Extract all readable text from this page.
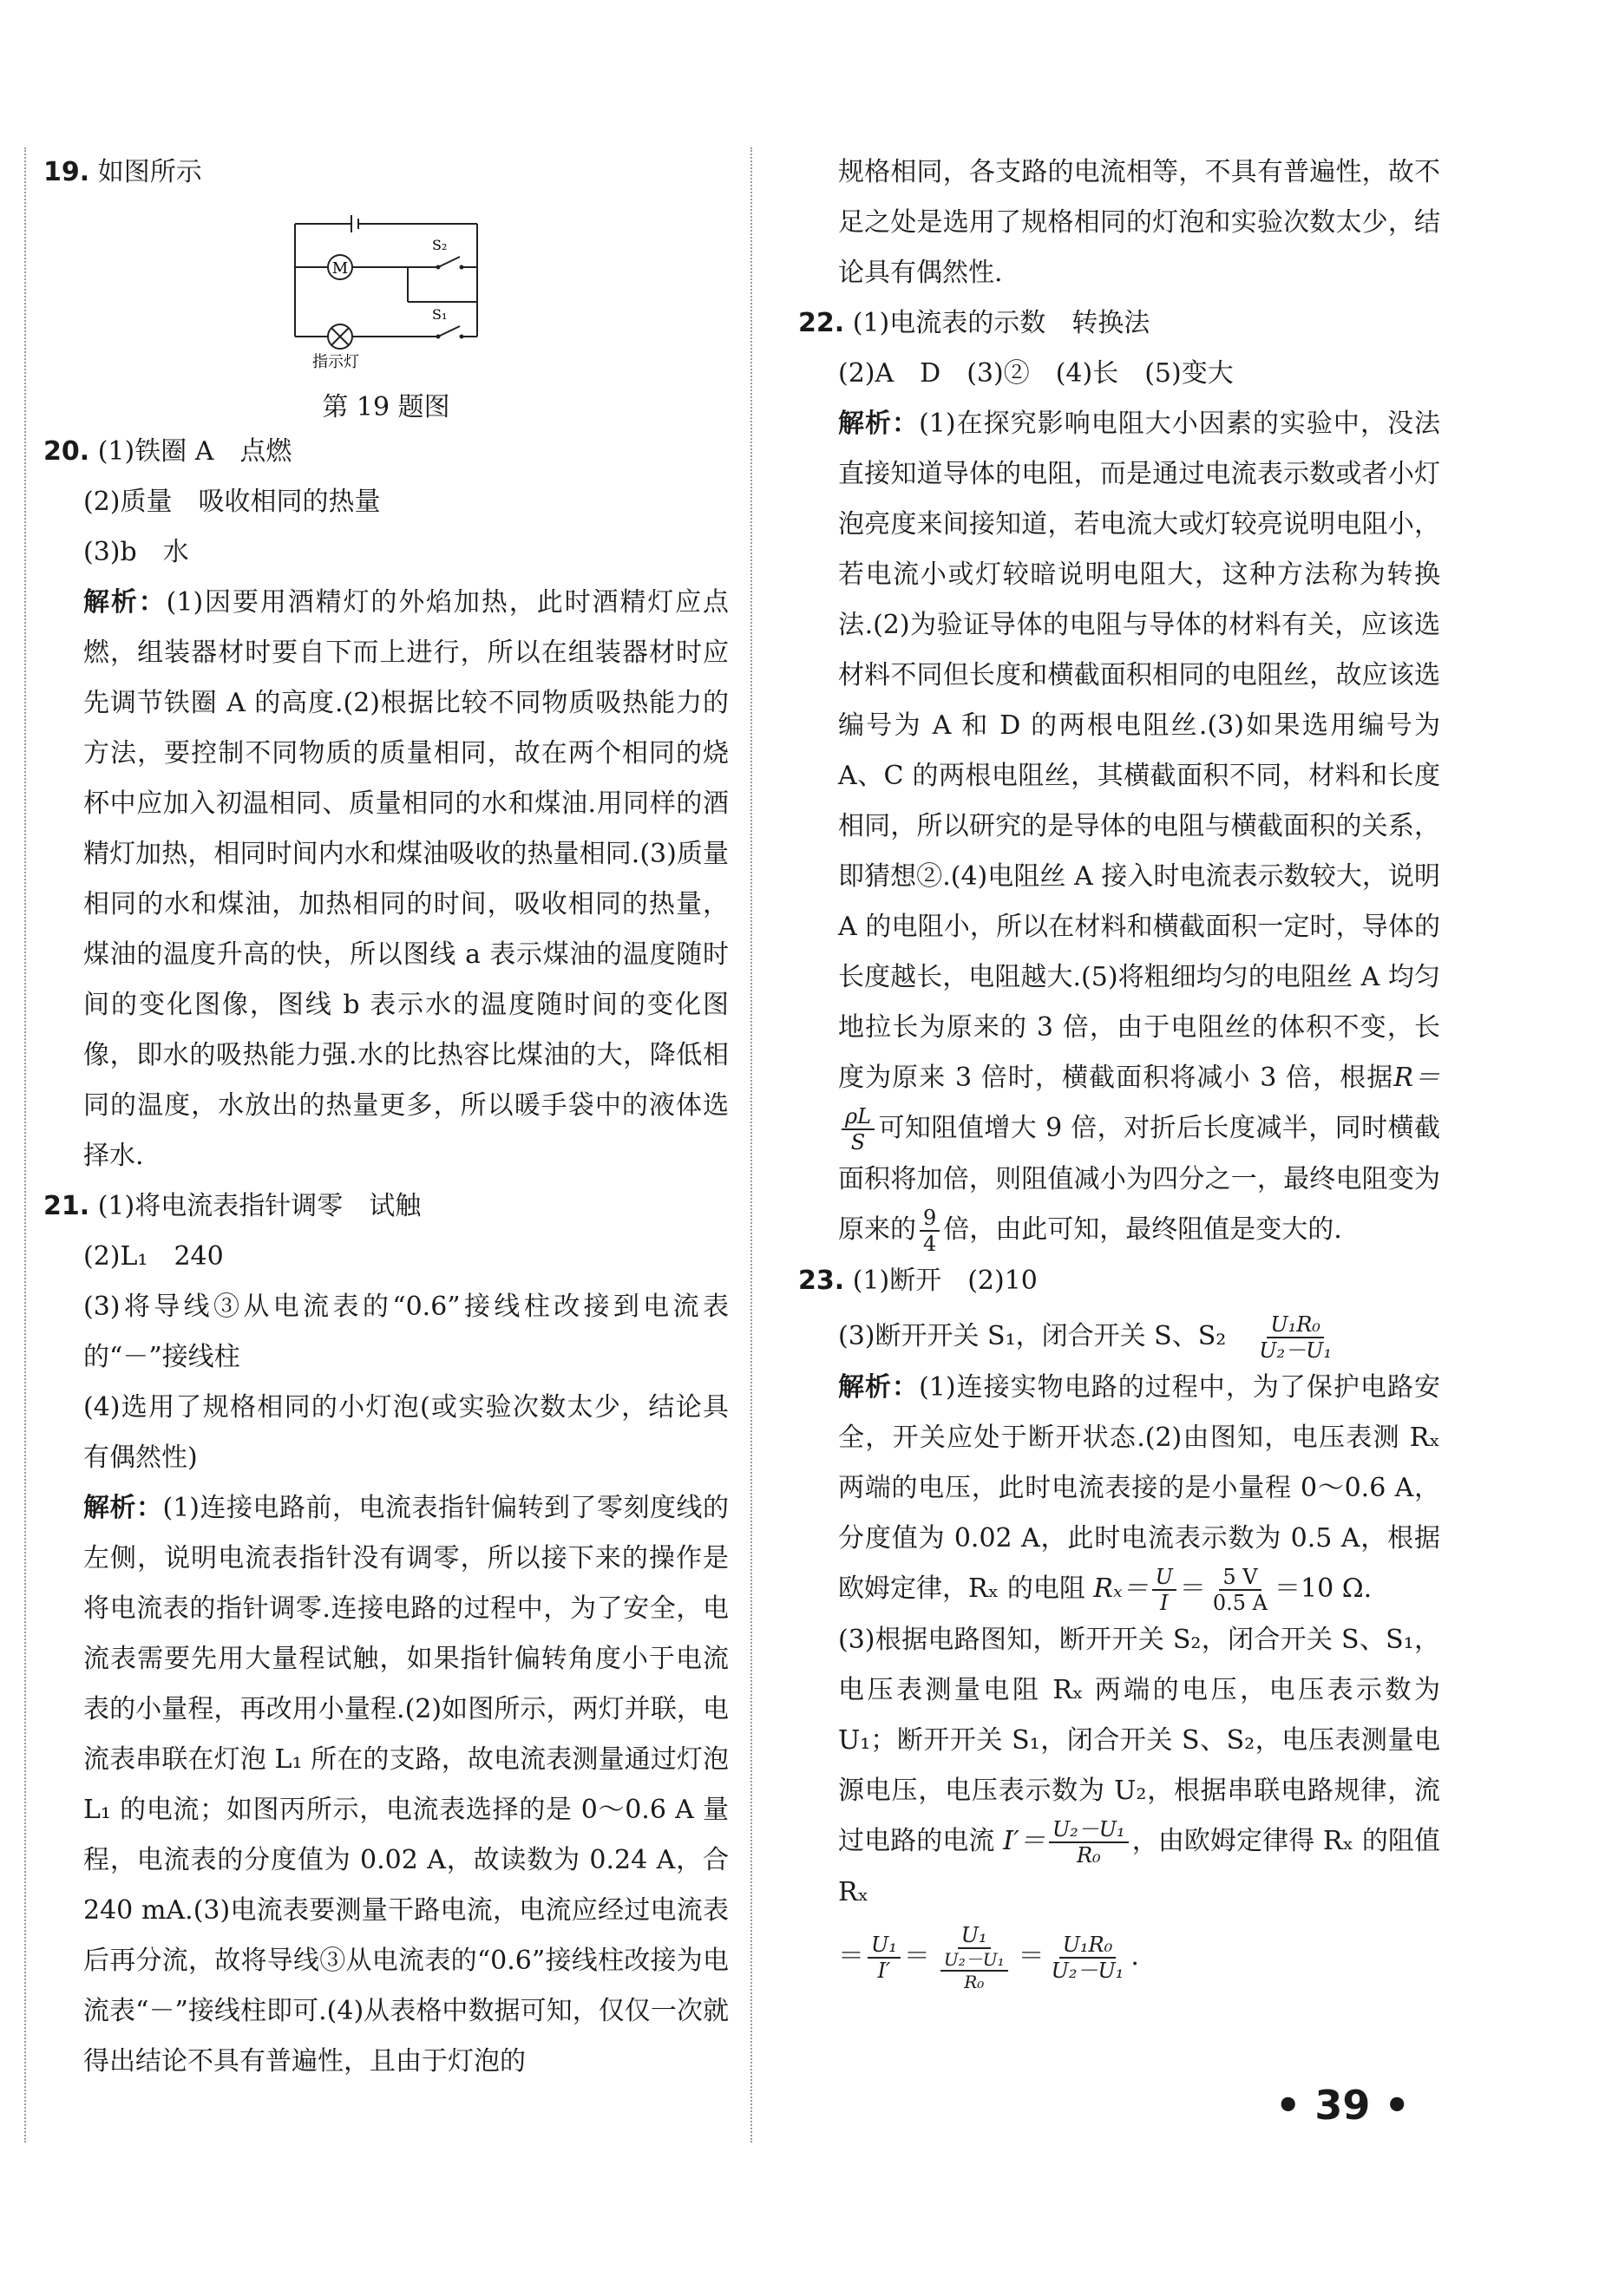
19. 如图所示
M
S₂
S₁
指示灯
第 19 题图
20. (1)铁圈 A　点燃
(2)质量　吸收相同的热量
(3)b　水
解析：(1)因要用酒精灯的外焰加热，此时酒精灯应点燃，组装器材时要自下而上进行，所以在组装器材时应先调节铁圈 A 的高度.(2)根据比较不同物质吸热能力的方法，要控制不同物质的质量相同，故在两个相同的烧杯中应加入初温相同、质量相同的水和煤油.用同样的酒精灯加热，相同时间内水和煤油吸收的热量相同.(3)质量相同的水和煤油，加热相同的时间，吸收相同的热量，煤油的温度升高的快，所以图线 a 表示煤油的温度随时间的变化图像，图线 b 表示水的温度随时间的变化图像，即水的吸热能力强.水的比热容比煤油的大，降低相同的温度，水放出的热量更多，所以暖手袋中的液体选择水.
21. (1)将电流表指针调零　试触
(2)L₁　240
(3)将导线③从电流表的“0.6”接线柱改接到电流表的“－”接线柱
(4)选用了规格相同的小灯泡(或实验次数太少，结论具有偶然性)
解析：(1)连接电路前，电流表指针偏转到了零刻度线的左侧，说明电流表指针没有调零，所以接下来的操作是将电流表的指针调零.连接电路的过程中，为了安全，电流表需要先用大量程试触，如果指针偏转角度小于电流表的小量程，再改用小量程.(2)如图所示，两灯并联，电流表串联在灯泡 L₁ 所在的支路，故电流表测量通过灯泡 L₁ 的电流；如图丙所示，电流表选择的是 0～0.6 A 量程，电流表的分度值为 0.02 A，故读数为 0.24 A，合 240 mA.(3)电流表要测量干路电流，电流应经过电流表后再分流，故将导线③从电流表的“0.6”接线柱改接为电流表“－”接线柱即可.(4)从表格中数据可知，仅仅一次就得出结论不具有普遍性，且由于灯泡的
规格相同，各支路的电流相等，不具有普遍性，故不足之处是选用了规格相同的灯泡和实验次数太少，结论具有偶然性.
22. (1)电流表的示数　转换法
(2)A　D　(3)②　(4)长　(5)变大
解析：(1)在探究影响电阻大小因素的实验中，没法直接知道导体的电阻，而是通过电流表示数或者小灯泡亮度来间接知道，若电流大或灯较亮说明电阻小，若电流小或灯较暗说明电阻大，这种方法称为转换法.(2)为验证导体的电阻与导体的材料有关，应该选材料不同但长度和横截面积相同的电阻丝，故应该选编号为 A 和 D 的两根电阻丝.(3)如果选用编号为 A、C 的两根电阻丝，其横截面积不同，材料和长度相同，所以研究的是导体的电阻与横截面积的关系，即猜想②.(4)电阻丝 A 接入时电流表示数较大，说明 A 的电阻小，所以在材料和横截面积一定时，导体的长度越长，电阻越大.(5)将粗细均匀的电阻丝 A 均匀地拉长为原来的 3 倍，由于电阻丝的体积不变，长度为原来 3 倍时，横截面积将减小 3 倍，根据R＝
$\frac{\rho L}{S}$ 可知阻值增大 9 倍，对折后长度减半，同时横截面积将加倍，则阻值减小为四分之一，最终电阻变为原来的 $\frac{9}{4}$ 倍，由此可知，最终阻值是变大的.
23. (1)断开　(2)10
(3)断开开关 S₁，闭合开关 S、S₂　 $\frac{\text{U₁R₀}}{\text{U₂－U₁}}$
解析：(1)连接实物电路的过程中，为了保护电路安全，开关应处于断开状态.(2)由图知，电压表测 Rₓ 两端的电压，此时电流表接的是小量程 0～0.6 A，分度值为 0.02 A，此时电流表示数为 0.5 A，根据欧姆定律，Rₓ 的电阻 $R_x= \frac{U}{I} = \frac{5 V}{0.5 A} =10$ Ω.
(3)根据电路图知，断开开关 S₂，闭合开关 S、S₁，电压表测量电阻 Rₓ 两端的电压，电压表示数为 U₁；断开开关 S₁，闭合开关 S、S₂，电压表测量电源电压，电压表示数为 U₂，根据串联电路规律，流过电路的电流 $I'= \frac{\text{U₂－U₁}}{\text{R₀}}$ ，由欧姆定律得 Rₓ 的阻值 Rₓ
＝ $\frac{\text{U₁}}{I'} = \frac{\text{U₁}}{\frac{\text{U₂－U₁}}{\text{R₀}}} = \frac{\text{U₁R₀}}{\text{U₂－U₁}}$ .
• 39 •
